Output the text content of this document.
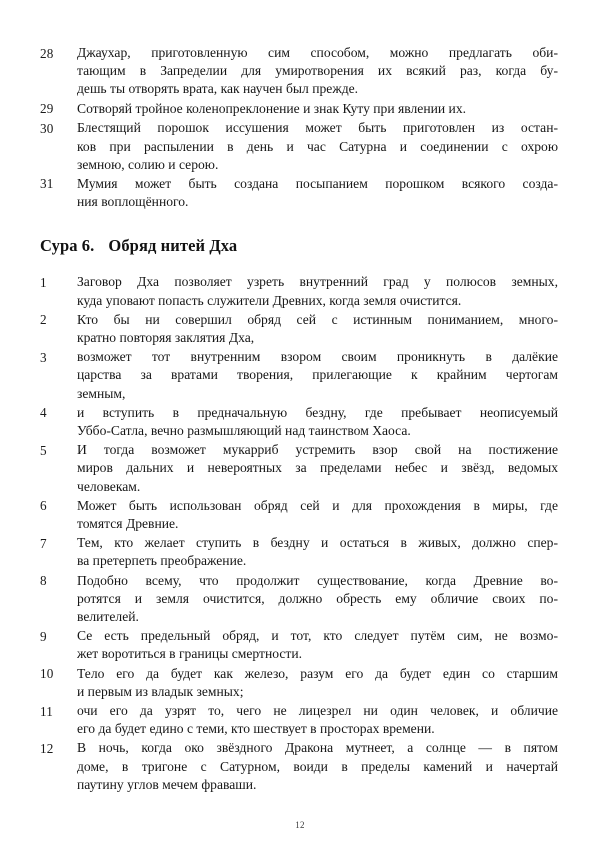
28	Джаухар, приготовленную сим способом, можно предлагать оби-
тающим в Запределии для умиротворения их всякий раз, когда бу-
дешь ты отворять врата, как научен был прежде.
29	Сотворяй тройное коленопреклонение и знак Куту при явлении их.
30	Блестящий порошок иссушения может быть приготовлен из остан-
ков при распылении в день и час Сатурна и соединении с охрою
земною, солию и серою.
31	Мумия может быть создана посыпанием порошком всякого созда-
ния воплощённого.
Сура 6. Обряд нитей Дха
1	Заговор Дха позволяет узреть внутренний град у полюсов земных,
куда уповают попасть служители Древних, когда земля очистится.
2	Кто бы ни совершил обряд сей с истинным пониманием, много-
кратно повторяя заклятия Дха,
3	возможет тот внутренним взором своим проникнуть в далёкие
царства за вратами творения, прилегающие к крайним чертогам
земным,
4	и вступить в предначальную бездну, где пребывает неописуемый
Уббо-Сатла, вечно размышляющий над таинством Хаоса.
5	И тогда возможет мукарриб устремить взор свой на постижение
миров дальних и невероятных за пределами небес и звёзд, ведомых
человекам.
6	Может быть использован обряд сей и для прохождения в миры, где
томятся Древние.
7	Тем, кто желает ступить в бездну и остаться в живых, должно спер-
ва претерпеть преображение.
8	Подобно всему, что продолжит существование, когда Древние во-
ротятся и земля очистится, должно обресть ему обличие своих по-
велителей.
9	Се есть предельный обряд, и тот, кто следует путём сим, не возмо-
жет воротиться в границы смертности.
10	Тело его да будет как железо, разум его да будет един со старшим
и первым из владык земных;
11	очи его да узрят то, чего не лицезрел ни один человек, и обличие
его да будет едино с теми, кто шествует в просторах времени.
12	В ночь, когда око звёздного Дракона мутнеет, а солнце — в пятом
доме, в тригоне с Сатурном, воиди в пределы камений и начертай
паутину углов мечем фраваши.
12
